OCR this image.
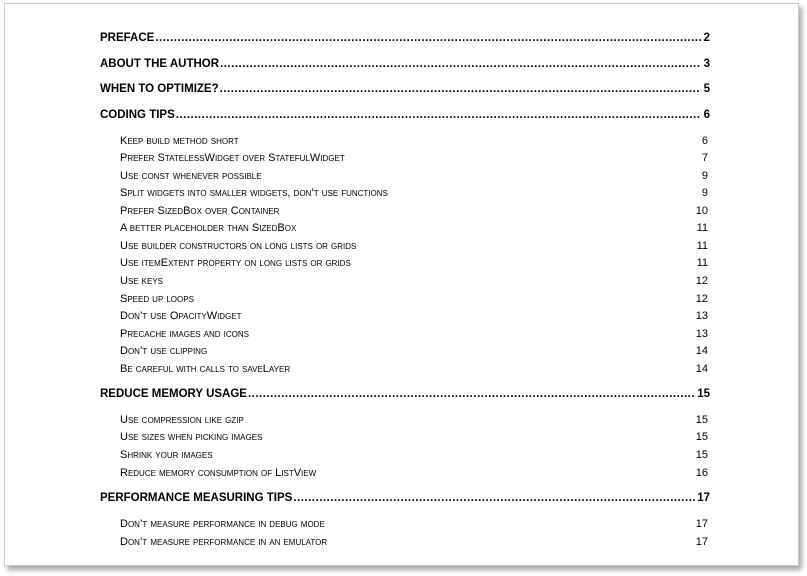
PREFACE .....	2
ABOUT THE AUTHOR .....	3
WHEN TO OPTIMIZE? .....	5
CODING TIPS .....	6
Keep build method short	6
Prefer StatelessWidget over StatefulWidget	7
Use const whenever possible	9
Split widgets into smaller widgets, don’t use functions	9
Prefer SizedBox over Container	10
A better placeholder than SizedBox	11
Use builder constructors on long lists or grids	11
Use itemExtent property on long lists or grids	11
Use keys	12
Speed up loops	12
Don’t use OpacityWidget	13
Precache images and icons	13
Don’t use clipping	14
Be careful with calls to saveLayer	14
REDUCE MEMORY USAGE .....	15
Use compression like gzip	15
Use sizes when picking images	15
Shrink your images	15
Reduce memory consumption of ListView	16
PERFORMANCE MEASURING TIPS .....	17
Don’t measure performance in debug mode	17
Don’t measure performance in an emulator	17
